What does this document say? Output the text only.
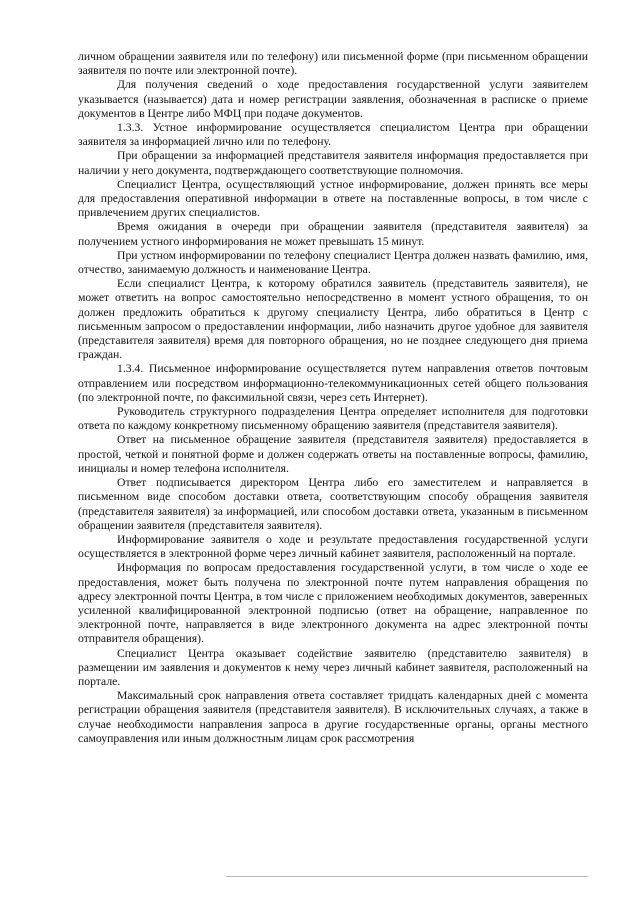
личном обращении заявителя или по телефону) или письменной форме (при письменном обращении заявителя по почте или электронной почте).

Для получения сведений о ходе предоставления государственной услуги заявителем указывается (называется) дата и номер регистрации заявления, обозначенная в расписке о приеме документов в Центре либо МФЦ при подаче документов.

1.3.3. Устное информирование осуществляется специалистом Центра при обращении заявителя за информацией лично или по телефону.

При обращении за информацией представителя заявителя информация предоставляется при наличии у него документа, подтверждающего соответствующие полномочия.

Специалист Центра, осуществляющий устное информирование, должен принять все меры для предоставления оперативной информации в ответе на поставленные вопросы, в том числе с привлечением других специалистов.

Время ожидания в очереди при обращении заявителя (представителя заявителя) за получением устного информирования не может превышать 15 минут.

При устном информировании по телефону специалист Центра должен назвать фамилию, имя, отчество, занимаемую должность и наименование Центра.

Если специалист Центра, к которому обратился заявитель (представитель заявителя), не может ответить на вопрос самостоятельно непосредственно в момент устного обращения, то он должен предложить обратиться к другому специалисту Центра, либо обратиться в Центр с письменным запросом о предоставлении информации, либо назначить другое удобное для заявителя (представителя заявителя) время для повторного обращения, но не позднее следующего дня приема граждан.

1.3.4. Письменное информирование осуществляется путем направления ответов почтовым отправлением или посредством информационно-телекоммуникационных сетей общего пользования (по электронной почте, по факсимильной связи, через сеть Интернет).

Руководитель структурного подразделения Центра определяет исполнителя для подготовки ответа по каждому конкретному письменному обращению заявителя (представителя заявителя).

Ответ на письменное обращение заявителя (представителя заявителя) предоставляется в простой, четкой и понятной форме и должен содержать ответы на поставленные вопросы, фамилию, инициалы и номер телефона исполнителя.

Ответ подписывается директором Центра либо его заместителем и направляется в письменном виде способом доставки ответа, соответствующим способу обращения заявителя (представителя заявителя) за информацией, или способом доставки ответа, указанным в письменном обращении заявителя (представителя заявителя).

Информирование заявителя о ходе и результате предоставления государственной услуги осуществляется в электронной форме через личный кабинет заявителя, расположенный на портале.

Информация по вопросам предоставления государственной услуги, в том числе о ходе ее предоставления, может быть получена по электронной почте путем направления обращения по адресу электронной почты Центра, в том числе с приложением необходимых документов, заверенных усиленной квалифицированной электронной подписью (ответ на обращение, направленное по электронной почте, направляется в виде электронного документа на адрес электронной почты отправителя обращения).

Специалист Центра оказывает содействие заявителю (представителю заявителя) в размещении им заявления и документов к нему через личный кабинет заявителя, расположенный на портале.

Максимальный срок направления ответа составляет тридцать календарных дней с момента регистрации обращения заявителя (представителя заявителя). В исключительных случаях, а также в случае необходимости направления запроса в другие государственные органы, органы местного самоуправления или иным должностным лицам срок рассмотрения
